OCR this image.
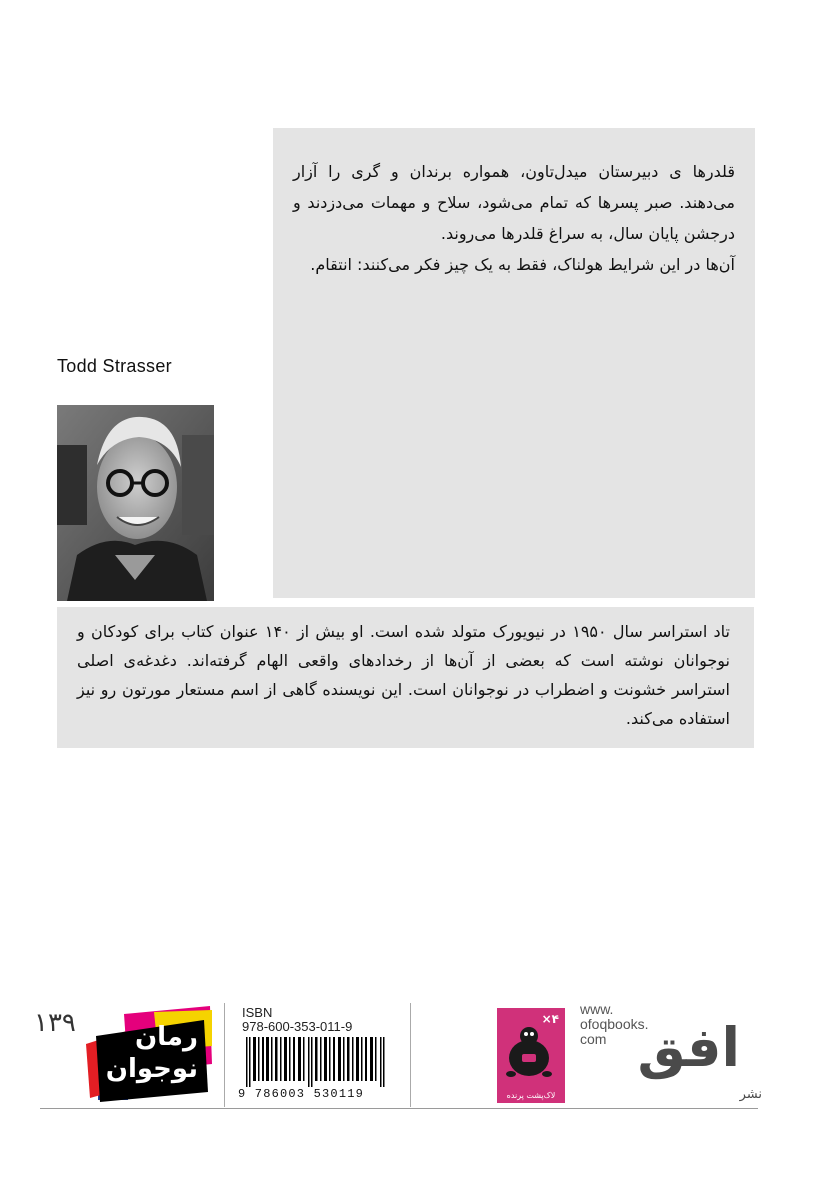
قلدرها ی دبیرستان میدل‌تاون، همواره برندان و گری را آزار می‌دهند. صبر پسرها که تمام می‌شود، سلاح و مهمات می‌دزدند و درجشن پایان سال، به سراغ قلدرها می‌روند.
آن‌ها در این شرایط هولناک، فقط به یک چیز فکر می‌کنند: انتقام.

Todd Strasser

تاد استراسر سال ۱۹۵۰ در نیویورک متولد شده است. او بیش از ۱۴۰ عنوان کتاب برای کودکان و نوجوانان نوشته است که بعضی از آن‌ها از رخدادهای واقعی الهام گرفته‌اند. دغدغه‌ی اصلی استراسر خشونت و اضطراب در نوجوانان است. این نویسنده گاهی از اسم مستعار مورتون رو نیز استفاده می‌کند.

۱۳۹ رمان
نوجوان
ISBN
978-600-353-011-9
9 786003 530119
×۴
لاک‌پشت پرنده
www.
ofoqbooks.
com افق
نشر
